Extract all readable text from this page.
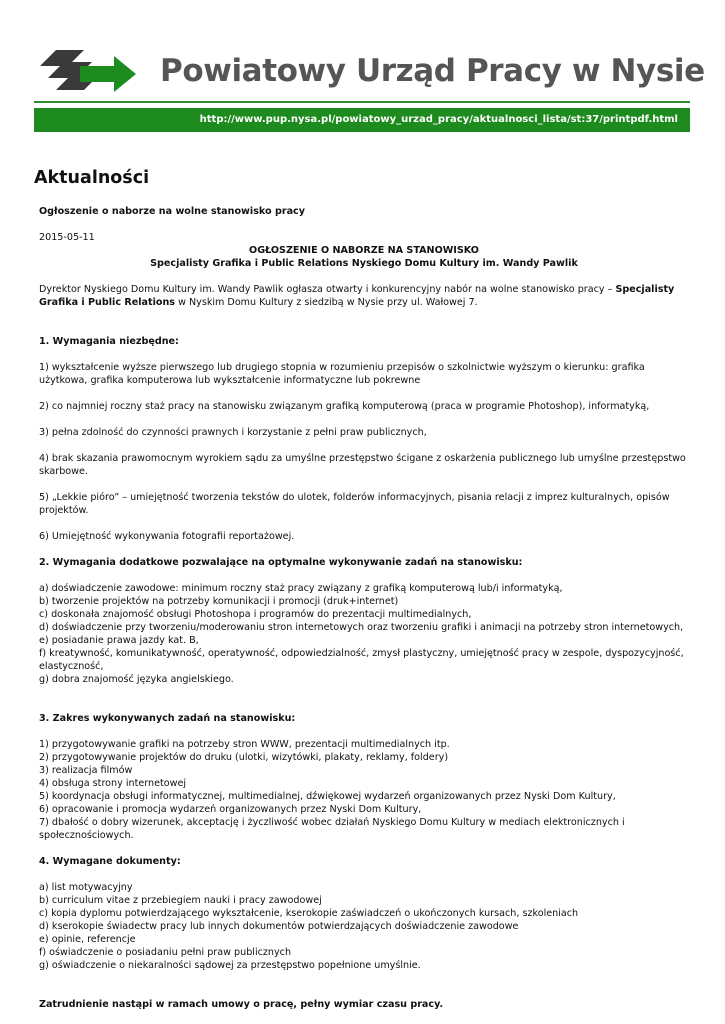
Powiatowy Urząd Pracy w Nysie
http://www.pup.nysa.pl/powiatowy_urzad_pracy/aktualnosci_lista/st:37/printpdf.html
Aktualności

Ogłoszenie o naborze na wolne stanowisko pracy

2015-05-11

OGŁOSZENIE O NABORZE NA STANOWISKO

Specjalisty Grafika i Public Relations Nyskiego Domu Kultury im. Wandy Pawlik

Dyrektor Nyskiego Domu Kultury im. Wandy Pawlik ogłasza otwarty i konkurencyjny nabór na wolne stanowisko pracy – Specjalisty Grafika i Public Relations w Nyskim Domu Kultury z siedzibą w Nysie przy ul. Wałowej 7.

1. Wymagania niezbędne:

1) wykształcenie wyższe pierwszego lub drugiego stopnia w rozumieniu przepisów o szkolnictwie wyższym o kierunku: grafika użytkowa, grafika komputerowa lub wykształcenie informatyczne lub pokrewne

2) co najmniej roczny staż pracy na stanowisku związanym grafiką komputerową (praca w programie Photoshop), informatyką,

3) pełna zdolność do czynności prawnych i korzystanie z pełni praw publicznych,

4) brak skazania prawomocnym wyrokiem sądu za umyślne przestępstwo ścigane z oskarżenia publicznego lub umyślne przestępstwo skarbowe.

5) „Lekkie pióro” – umiejętność tworzenia tekstów do ulotek, folderów informacyjnych, pisania relacji z imprez kulturalnych, opisów projektów.

6) Umiejętność wykonywania fotografii reportażowej.

2. Wymagania dodatkowe pozwalające na optymalne wykonywanie zadań na stanowisku:

a) doświadczenie zawodowe: minimum roczny staż pracy związany z grafiką komputerową lub/i informatyką,

b) tworzenie projektów na potrzeby komunikacji i promocji (druk+internet)

c) doskonała znajomość obsługi Photoshopa i programów do prezentacji multimedialnych,

d) doświadczenie przy tworzeniu/moderowaniu stron internetowych oraz tworzeniu grafiki i animacji na potrzeby stron internetowych,

e) posiadanie prawa jazdy kat. B,

f) kreatywność, komunikatywność, operatywność, odpowiedzialność, zmysł plastyczny, umiejętność pracy w zespole, dyspozycyjność, elastyczność,

g) dobra znajomość języka angielskiego.

3. Zakres wykonywanych zadań na stanowisku:

1) przygotowywanie grafiki na potrzeby stron WWW, prezentacji multimedialnych itp.

2) przygotowywanie projektów do druku (ulotki, wizytówki, plakaty, reklamy, foldery)

3) realizacja filmów

4) obsługa strony internetowej

5) koordynacja obsługi informatycznej, multimedialnej, dźwiękowej wydarzeń organizowanych przez Nyski Dom Kultury,

6) opracowanie i promocja wydarzeń organizowanych przez Nyski Dom Kultury,

7) dbałość o dobry wizerunek, akceptację i życzliwość wobec działań Nyskiego Domu Kultury w mediach elektronicznych i społecznościowych.

4. Wymagane dokumenty:

a) list motywacyjny

b) curriculum vitae z przebiegiem nauki i pracy zawodowej

c) kopia dyplomu potwierdzającego wykształcenie, kserokopie zaświadczeń o ukończonych kursach, szkoleniach

d) kserokopie świadectw pracy lub innych dokumentów potwierdzających doświadczenie zawodowe

e) opinie, referencje

f) oświadczenie o posiadaniu pełni praw publicznych

g) oświadczenie o niekaralności sądowej za przestępstwo popełnione umyślnie.

Zatrudnienie nastąpi w ramach umowy o pracę, pełny wymiar czasu pracy.
